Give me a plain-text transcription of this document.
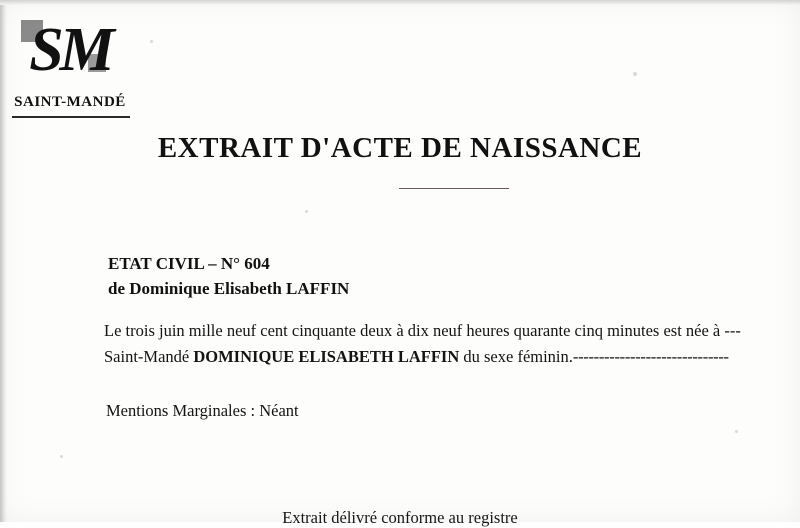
SM
SAINT-MANDÉ
EXTRAIT D'ACTE DE NAISSANCE
ETAT CIVIL – N° 604
de Dominique Elisabeth LAFFIN
Le trois juin mille neuf cent cinquante deux à dix neuf heures quarante cinq minutes est née à ---
Saint-Mandé DOMINIQUE ELISABETH LAFFIN du sexe féminin.------------------------------
Mentions Marginales : Néant
Extrait délivré conforme au registre
